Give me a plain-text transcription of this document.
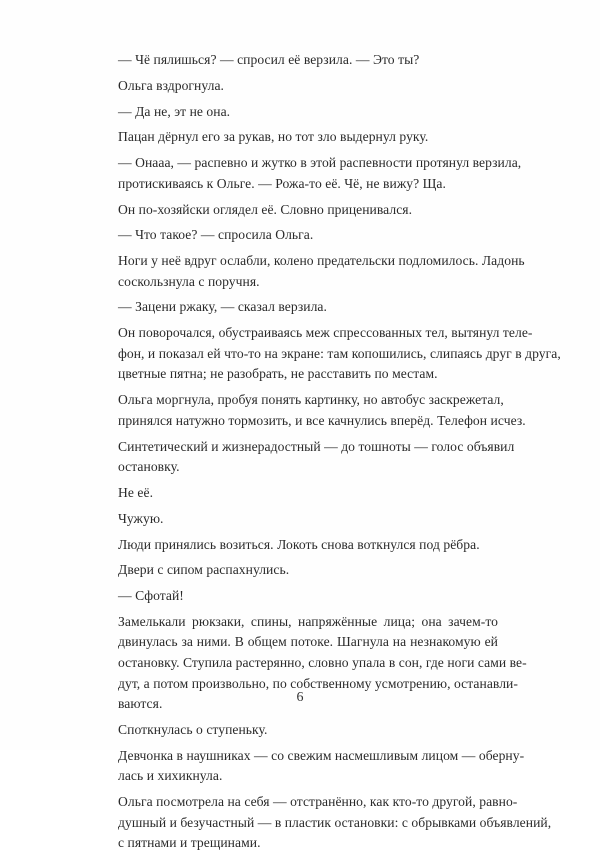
— Чё пялишься? — спросил её верзила. — Это ты?
Ольга вздрогнула.
— Да не, эт не она.
Пацан дёрнул его за рукав, но тот зло выдернул руку.
— Онааа, — распевно и жутко в этой распевности протянул верзила,
протискиваясь к Ольге. — Рожа-то её. Чё, не вижу? Ща.
Он по-хозяйски оглядел её. Словно приценивался.
— Что такое? — спросила Ольга.
Ноги у неё вдруг ослабли, колено предательски подломилось. Ладонь
соскользнула с поручня.
— Зацени ржаку, — сказал верзила.
Он поворочался, обустраиваясь меж спрессованных тел, вытянул теле-
фон, и показал ей что-то на экране: там копошились, слипаясь друг в друга,
цветные пятна; не разобрать, не расставить по местам.
Ольга моргнула, пробуя понять картинку, но автобус заскрежетал,
принялся натужно тормозить, и все качнулись вперёд. Телефон исчез.
Синтетический и жизнерадостный — до тошноты — голос объявил
остановку.
Не её.
Чужую.
Люди принялись возиться. Локоть снова воткнулся под рёбра.
Двери с сипом распахнулись.
— Сфотай!
Замелькали рюкзаки, спины, напряжённые лица; она зачем-то
двинулась за ними. В общем потоке. Шагнула на незнакомую ей
остановку. Ступила растерянно, словно упала в сон, где ноги сами ве-
дут, а потом произвольно, по собственному усмотрению, останавли-
ваются.
Споткнулась о ступеньку.
Девчонка в наушниках — со свежим насмешливым лицом — оберну-
лась и хихикнула.
Ольга посмотрела на себя — отстранённо, как кто-то другой, равно-
душный и безучастный — в пластик остановки: с обрывками объявлений,
с пятнами и трещинами.
6
